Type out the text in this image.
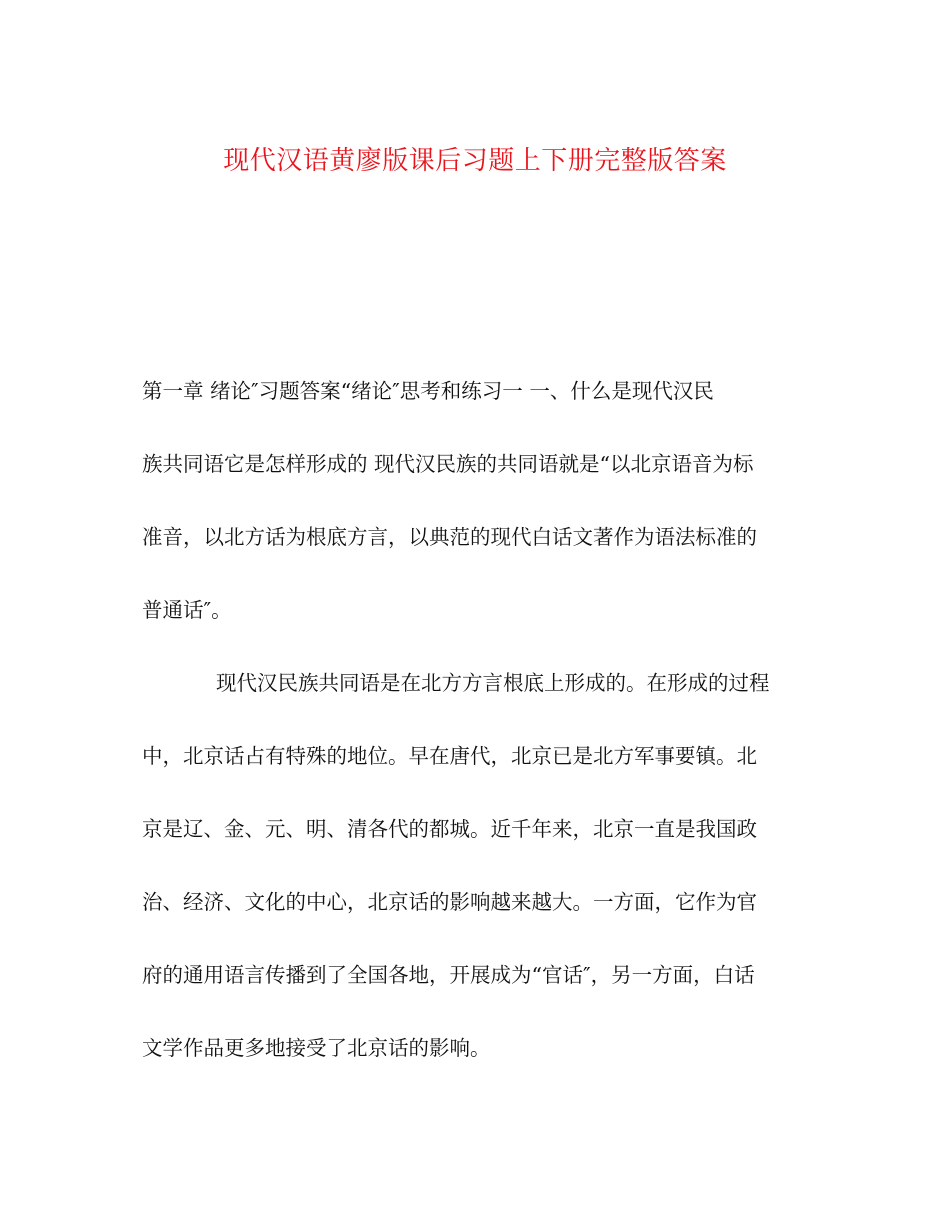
现代汉语黄廖版课后习题上下册完整版答案

第一章 绪论″习题答案“绪论″思考和练习一 一、什么是现代汉民

族共同语它是怎样形成的 现代汉民族的共同语就是“以北京语音为标

准音，以北方话为根底方言，以典范的现代白话文著作为语法标准的

普通话″。

现代汉民族共同语是在北方方言根底上形成的。在形成的过程

中，北京话占有特殊的地位。早在唐代，北京已是北方军事要镇。北

京是辽、金、元、明、清各代的都城。近千年来，北京一直是我国政

治、经济、文化的中心，北京话的影响越来越大。一方面，它作为官

府的通用语言传播到了全国各地，开展成为“官话″，另一方面，白话

文学作品更多地接受了北京话的影响。
